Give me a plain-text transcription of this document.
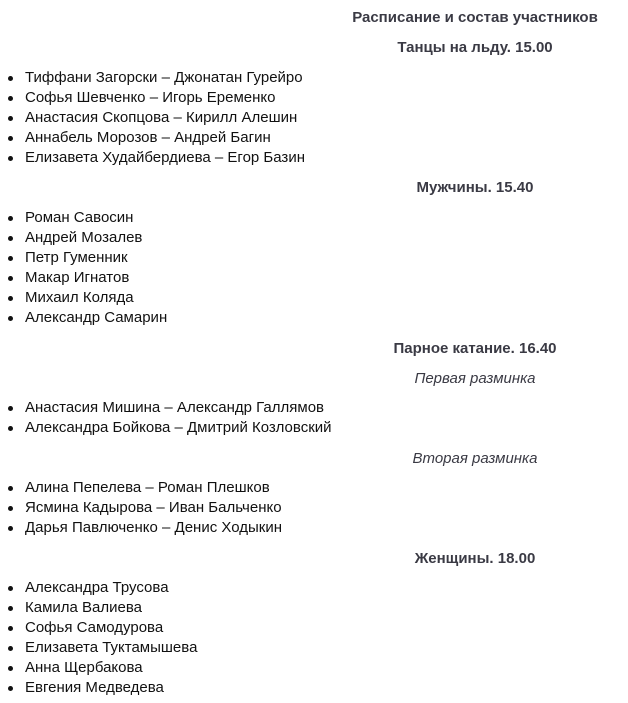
Расписание и состав участников
Танцы на льду. 15.00
Тиффани Загорски – Джонатан Гурейро
Софья Шевченко – Игорь Еременко
Анастасия Скопцова – Кирилл Алешин
Аннабель Морозов – Андрей Багин
Елизавета Худайбердиева – Егор Базин
Мужчины. 15.40
Роман Савосин
Андрей Мозалев
Петр Гуменник
Макар Игнатов
Михаил Коляда
Александр Самарин
Парное катание. 16.40
Первая разминка
Анастасия Мишина – Александр Галлямов
Александра Бойкова – Дмитрий Козловский
Вторая разминка
Алина Пепелева – Роман Плешков
Ясмина Кадырова – Иван Бальченко
Дарья Павлюченко – Денис Ходыкин
Женщины. 18.00
Александра Трусова
Камила Валиева
Софья Самодурова
Елизавета Туктамышева
Анна Щербакова
Евгения Медведева
